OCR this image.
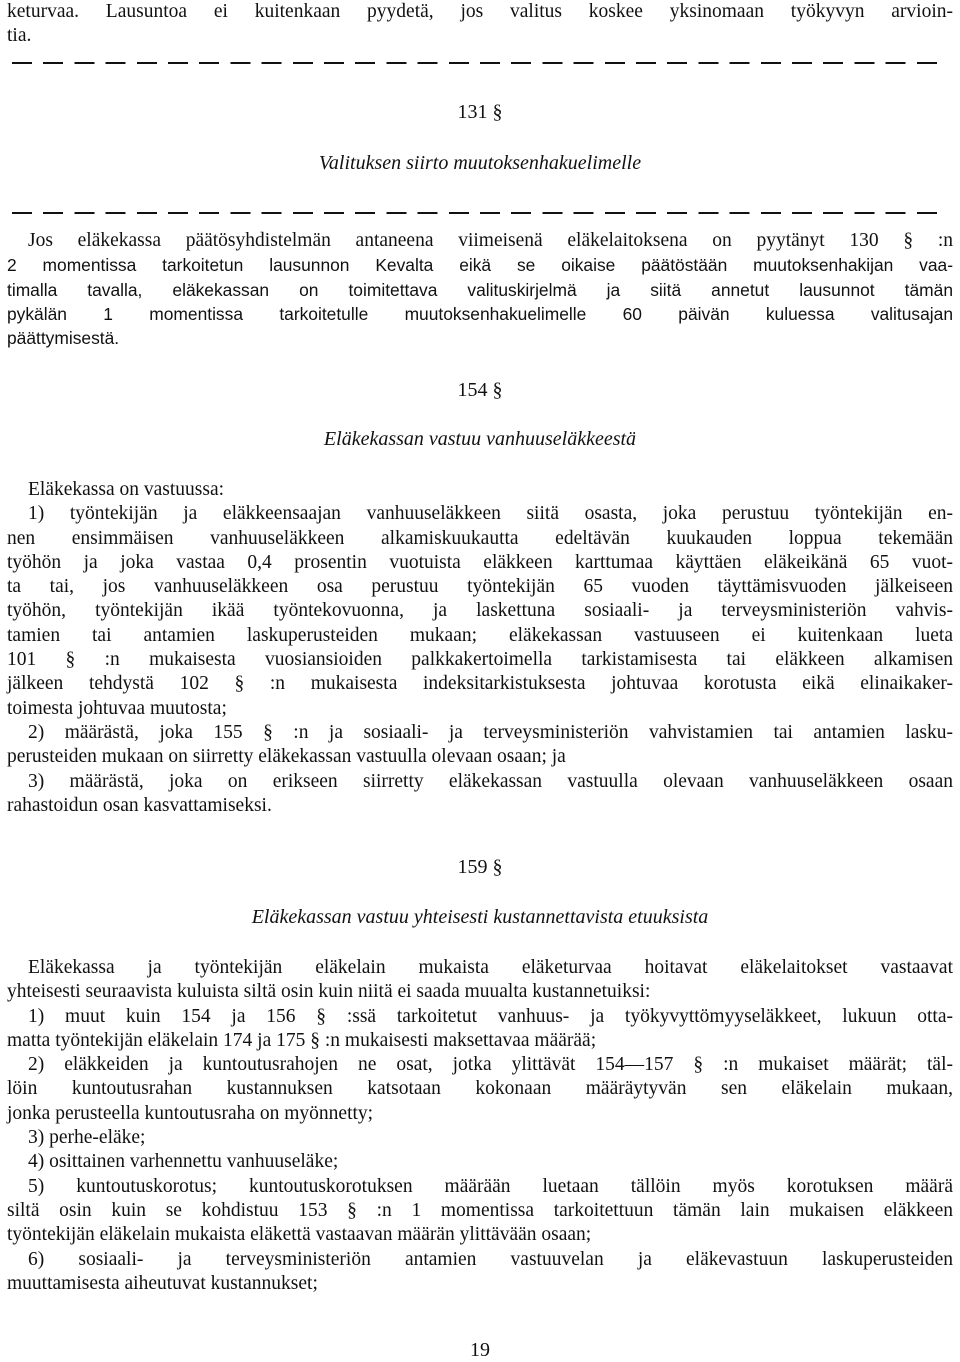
keturvaa. Lausuntoa ei kuitenkaan pyydetä, jos valitus koskee yksinomaan työkyvyn arvioin-
tia.
131 §
Valituksen siirto muutoksenhakuelimelle
Jos eläkekassa päätösyhdistelmän antaneena viimeisenä eläkelaitoksena on pyytänyt 130 § :n
2 momentissa tarkoitetun lausunnon Kevalta eikä se oikaise päätöstään muutoksenhakijan vaa-
timalla tavalla, eläkekassan on toimitettava valituskirjelmä ja siitä annetut lausunnot tämän
pykälän 1 momentissa tarkoitetulle muutoksenhakuelimelle 60 päivän kuluessa valitusajan
päättymisestä.
154 §
Eläkekassan vastuu vanhuuseläkkeestä
Eläkekassa on vastuussa:
1) työntekijän ja eläkkeensaajan vanhuuseläkkeen siitä osasta, joka perustuu työntekijän en-
nen ensimmäisen vanhuuseläkkeen alkamiskuukautta edeltävän kuukauden loppua tekemään
työhön ja joka vastaa 0,4 prosentin vuotuista eläkkeen karttumaa käyttäen eläkeikänä 65 vuot-
ta tai, jos vanhuuseläkkeen osa perustuu työntekijän 65 vuoden täyttämisvuoden jälkeiseen
työhön, työntekijän ikää työntekovuonna, ja laskettuna sosiaali- ja terveysministeriön vahvis-
tamien tai antamien laskuperusteiden mukaan; eläkekassan vastuuseen ei kuitenkaan lueta
101 § :n mukaisesta vuosiansioiden palkkakertoimella tarkistamisesta tai eläkkeen alkamisen
jälkeen tehdystä 102 § :n mukaisesta indeksitarkistuksesta johtuvaa korotusta eikä elinaikaker-
toimesta johtuvaa muutosta;
2) määrästä, joka 155 § :n ja sosiaali- ja terveysministeriön vahvistamien tai antamien lasku-
perusteiden mukaan on siirretty eläkekassan vastuulla olevaan osaan; ja
3) määrästä, joka on erikseen siirretty eläkekassan vastuulla olevaan vanhuuseläkkeen osaan
rahastoidun osan kasvattamiseksi.
159 §
Eläkekassan vastuu yhteisesti kustannettavista etuuksista
Eläkekassa ja työntekijän eläkelain mukaista eläketurvaa hoitavat eläkelaitokset vastaavat
yhteisesti seuraavista kuluista siltä osin kuin niitä ei saada muualta kustannetuiksi:
1) muut kuin 154 ja 156 § :ssä tarkoitetut vanhuus- ja työkyvyttömyyseläkkeet, lukuun otta-
matta työntekijän eläkelain 174 ja 175 § :n mukaisesti maksettavaa määrää;
2) eläkkeiden ja kuntoutusrahojen ne osat, jotka ylittävät 154—157 § :n mukaiset määrät; täl-
löin kuntoutusrahan kustannuksen katsotaan kokonaan määräytyvän sen eläkelain mukaan,
jonka perusteella kuntoutusraha on myönnetty;
3) perhe-eläke;
4) osittainen varhennettu vanhuuseläke;
5) kuntoutuskorotus; kuntoutuskorotuksen määrään luetaan tällöin myös korotuksen määrä
siltä osin kuin se kohdistuu 153 § :n 1 momentissa tarkoitettuun tämän lain mukaisen eläkkeen
työntekijän eläkelain mukaista eläkettä vastaavan määrän ylittävään osaan;
6) sosiaali- ja terveysministeriön antamien vastuuvelan ja eläkevastuun laskuperusteiden
muuttamisesta aiheutuvat kustannukset;
19
